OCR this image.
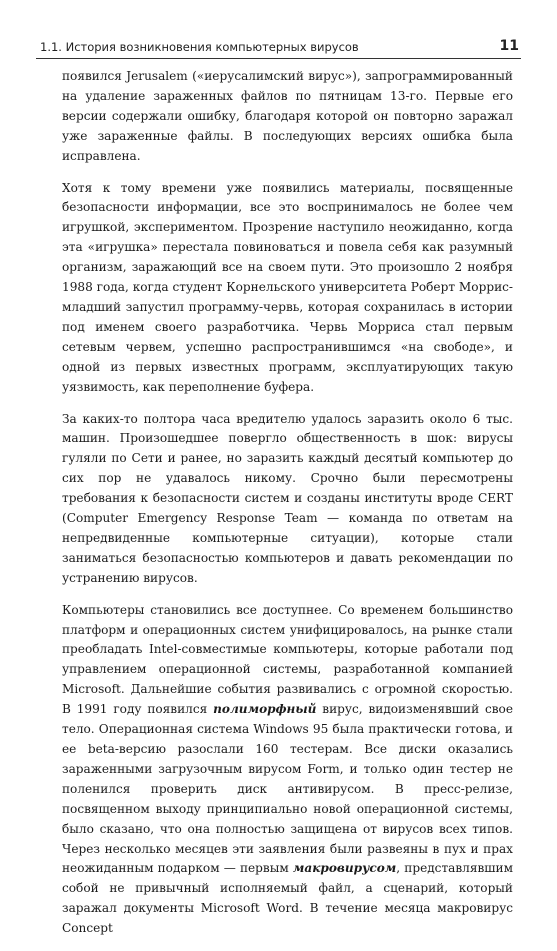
1.1. История возникновения компьютерных вирусов	11

появился Jerusalem («иерусалимский вирус»), запрограммированный на удаление зараженных файлов по пятницам 13-го. Первые его версии содержали ошибку, благодаря которой он повторно заражал уже зараженные файлы. В последующих версиях ошибка была исправлена.

Хотя к тому времени уже появились материалы, посвященные безопасности информации, все это воспринималось не более чем игрушкой, экспериментом. Прозрение наступило неожиданно, когда эта «игрушка» перестала повиноваться и повела себя как разумный организм, заражающий все на своем пути. Это произошло 2 ноября 1988 года, когда студент Корнельского университета Роберт Моррис-младший запустил программу-червь, которая сохранилась в истории под именем своего разработчика. Червь Морриса стал первым сетевым червем, успешно распространившимся «на свободе», и одной из первых известных программ, эксплуатирующих такую уязвимость, как переполнение буфера.

За каких-то полтора часа вредителю удалось заразить около 6 тыс. машин. Произошедшее повергло общественность в шок: вирусы гуляли по Сети и ранее, но заразить каждый десятый компьютер до сих пор не удавалось никому. Срочно были пересмотрены требования к безопасности систем и созданы институты вроде CERT (Computer Emergency Response Team — команда по ответам на непредвиденные компьютерные ситуации), которые стали заниматься безопасностью компьютеров и давать рекомендации по устранению вирусов.

Компьютеры становились все доступнее. Со временем большинство платформ и операционных систем унифицировалось, на рынке стали преобладать Intel-совместимые компьютеры, которые работали под управлением операционной системы, разработанной компанией Microsoft. Дальнейшие события развивались с огромной скоростью. В 1991 году появился полиморфный вирус, видоизменявший свое тело. Операционная система Windows 95 была практически готова, и ее beta-версию разослали 160 тестерам. Все диски оказались зараженными загрузочным вирусом Form, и только один тестер не поленился проверить диск антивирусом. В пресс-релизе, посвященном выходу принципиально новой операционной системы, было сказано, что она полностью защищена от вирусов всех типов. Через несколько месяцев эти заявления были развеяны в пух и прах неожиданным подарком — первым макровирусом, представлявшим собой не привычный исполняемый файл, а сценарий, который заражал документы Microsoft Word. В течение месяца макровирус Concept
